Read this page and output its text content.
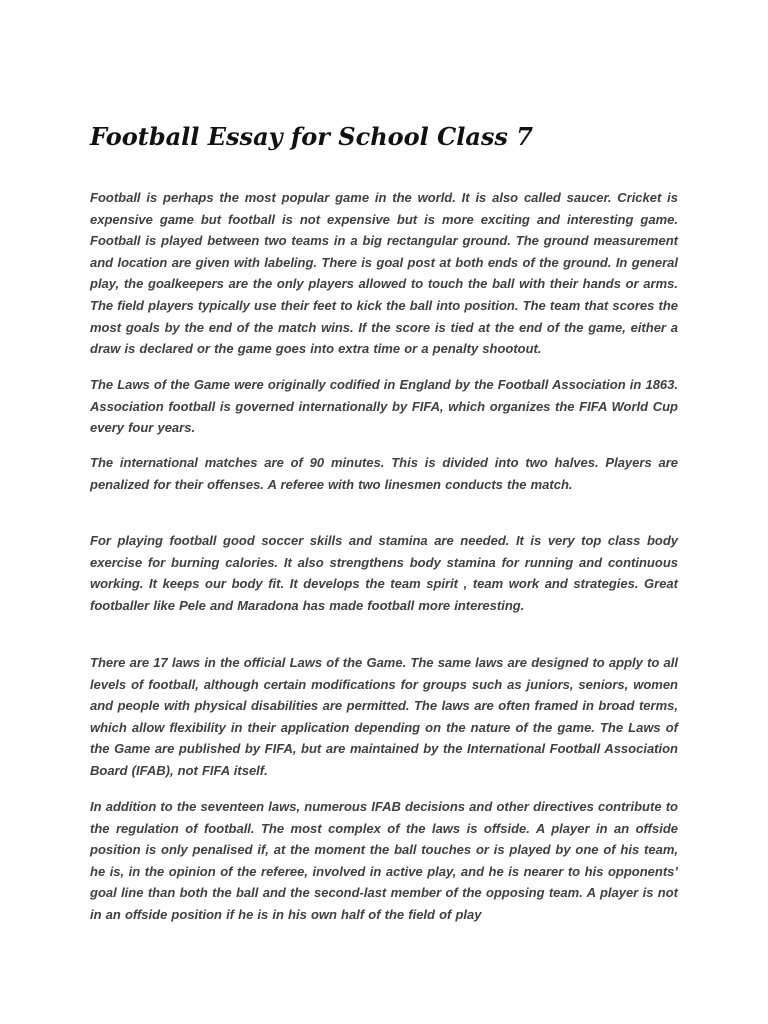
Football Essay for School Class 7

Football is perhaps the most popular game in the world. It is also called saucer. Cricket is expensive game but football is not expensive but is more exciting and interesting game. Football is played between two teams in a big rectangular ground. The ground measurement and location are given with labeling. There is goal post at both ends of the ground. In general play, the goalkeepers are the only players allowed to touch the ball with their hands or arms. The field players typically use their feet to kick the ball into position. The team that scores the most goals by the end of the match wins. If the score is tied at the end of the game, either a draw is declared or the game goes into extra time or a penalty shootout.

The Laws of the Game were originally codified in England by the Football Association in 1863. Association football is governed internationally by FIFA, which organizes the FIFA World Cup every four years.

The international matches are of 90 minutes. This is divided into two halves. Players are penalized for their offenses. A referee with two linesmen conducts the match.

For playing football good soccer skills and stamina are needed. It is very top class body exercise for burning calories. It also strengthens body stamina for running and continuous working. It keeps our body fit. It develops the team spirit , team work and strategies. Great footballer like Pele and Maradona has made football more interesting.

There are 17 laws in the official Laws of the Game. The same laws are designed to apply to all levels of football, although certain modifications for groups such as juniors, seniors, women and people with physical disabilities are permitted. The laws are often framed in broad terms, which allow flexibility in their application depending on the nature of the game. The Laws of the Game are published by FIFA, but are maintained by the International Football Association Board (IFAB), not FIFA itself.

In addition to the seventeen laws, numerous IFAB decisions and other directives contribute to the regulation of football. The most complex of the laws is offside. A player in an offside position is only penalised if, at the moment the ball touches or is played by one of his team, he is, in the opinion of the referee, involved in active play, and he is nearer to his opponents’ goal line than both the ball and the second-last member of the opposing team. A player is not in an offside position if he is in his own half of the field of play
